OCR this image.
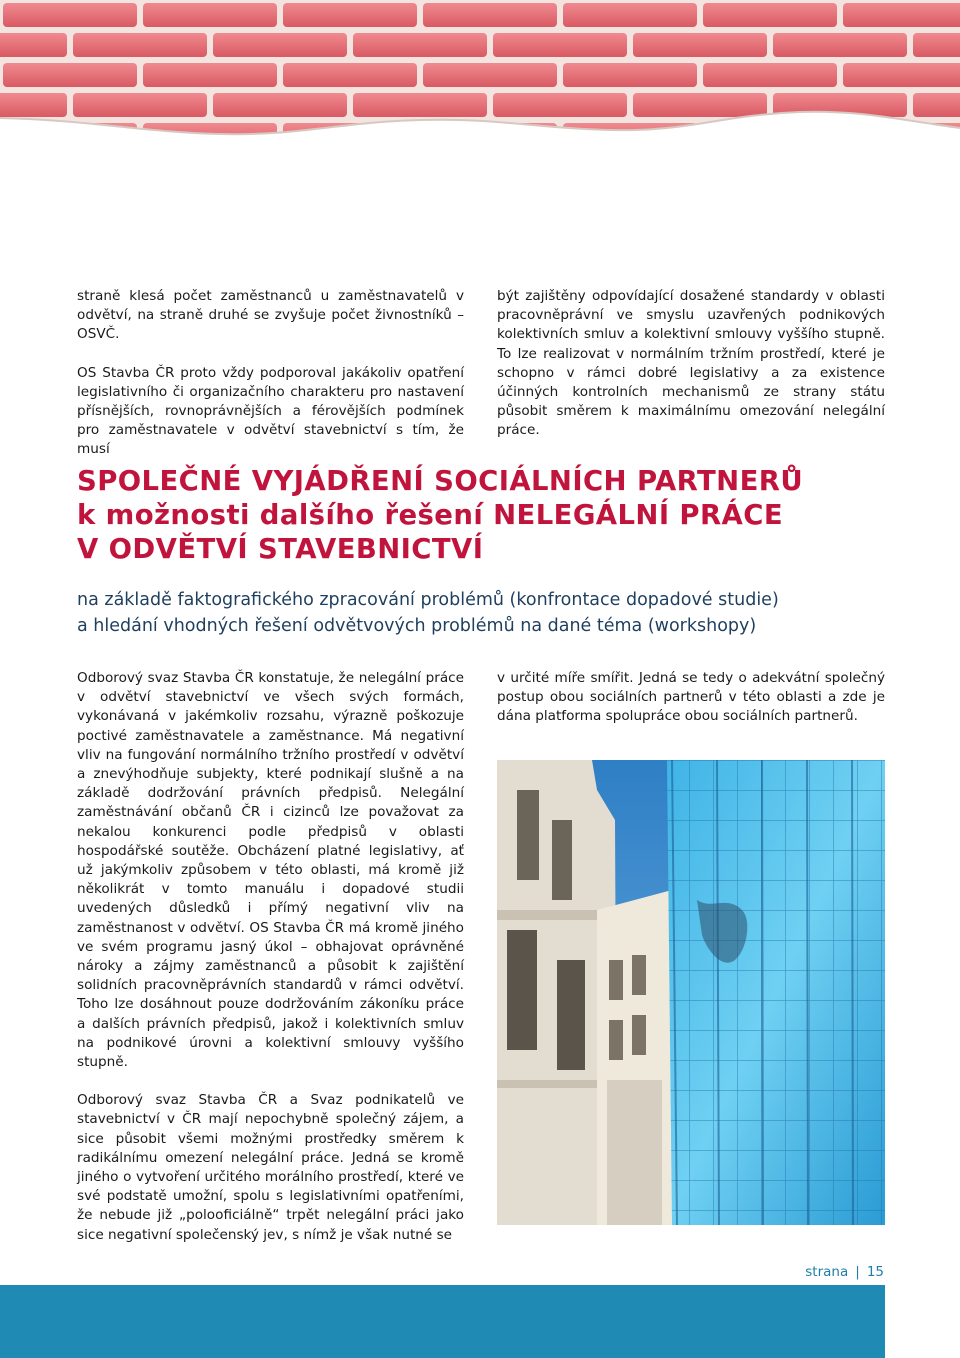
straně klesá počet zaměstnanců u zaměstnavatelů v odvětví, na straně druhé se zvyšuje počet živnostníků – OSVČ.

OS Stavba ČR proto vždy podporoval jakákoliv opatření legislativního či organizačního charakteru pro nastavení přísnějších, rovnoprávnějších a férovějších podmínek pro zaměstnavatele v odvětví stavebnictví s tím, že musí

být zajištěny odpovídající dosažené standardy v oblasti pracovněprávní ve smyslu uzavřených podnikových kolektivních smluv a kolektivní smlouvy vyššího stupně. To lze realizovat v normálním tržním prostředí, které je schopno v rámci dobré legislativy a za existence účinných kontrolních mechanismů ze strany státu působit směrem k maximálnímu omezování nelegální práce.

SPOLEČNÉ VYJÁDŘENÍ SOCIÁLNÍCH PARTNERŮ
k možnosti dalšího řešení NELEGÁLNÍ PRÁCE
V ODVĚTVÍ STAVEBNICTVÍ
na základě faktografického zpracování problémů (konfrontace dopadové studie)
a hledání vhodných řešení odvětvových problémů na dané téma (workshopy)

Odborový svaz Stavba ČR konstatuje, že nelegální práce v odvětví stavebnictví ve všech svých formách, vykonávaná v jakémkoliv rozsahu, výrazně poškozuje poctivé zaměstnavatele a zaměstnance. Má negativní vliv na fungování normálního tržního prostředí v odvětví a znevýhodňuje subjekty, které podnikají slušně a na základě dodržování právních předpisů. Nelegální zaměstnávání občanů ČR i cizinců lze považovat za nekalou konkurenci podle předpisů v oblasti hospodářské soutěže. Obcházení platné legislativy, ať už jakýmkoliv způsobem v této oblasti, má kromě již několikrát v tomto manuálu i dopadové studii uvedených důsledků i přímý negativní vliv na zaměstnanost v odvětví. OS Stavba ČR má kromě jiného ve svém programu jasný úkol – obhajovat oprávněné nároky a zájmy zaměstnanců a působit k zajištění solidních pracovněprávních standardů v rámci odvětví. Toho lze dosáhnout pouze dodržováním zákoníku práce a dalších právních předpisů, jakož i kolektivních smluv na podnikové úrovni a kolektivní smlouvy vyššího stupně.

Odborový svaz Stavba ČR a Svaz podnikatelů ve stavebnictví v ČR mají nepochybně společný zájem, a sice působit všemi možnými prostředky směrem k radikálnímu omezení nelegální práce. Jedná se kromě jiného o vytvoření určitého morálního prostředí, které ve své podstatě umožní, spolu s legislativními opatřeními, že nebude již „polooficiálně“ trpět nelegální práci jako sice negativní společenský jev, s nímž je však nutné se

v určité míře smířit. Jedná se tedy o adekvátní společný postup obou sociálních partnerů v této oblasti a zde je dána platforma spolupráce obou sociálních partnerů.

strana | 15
